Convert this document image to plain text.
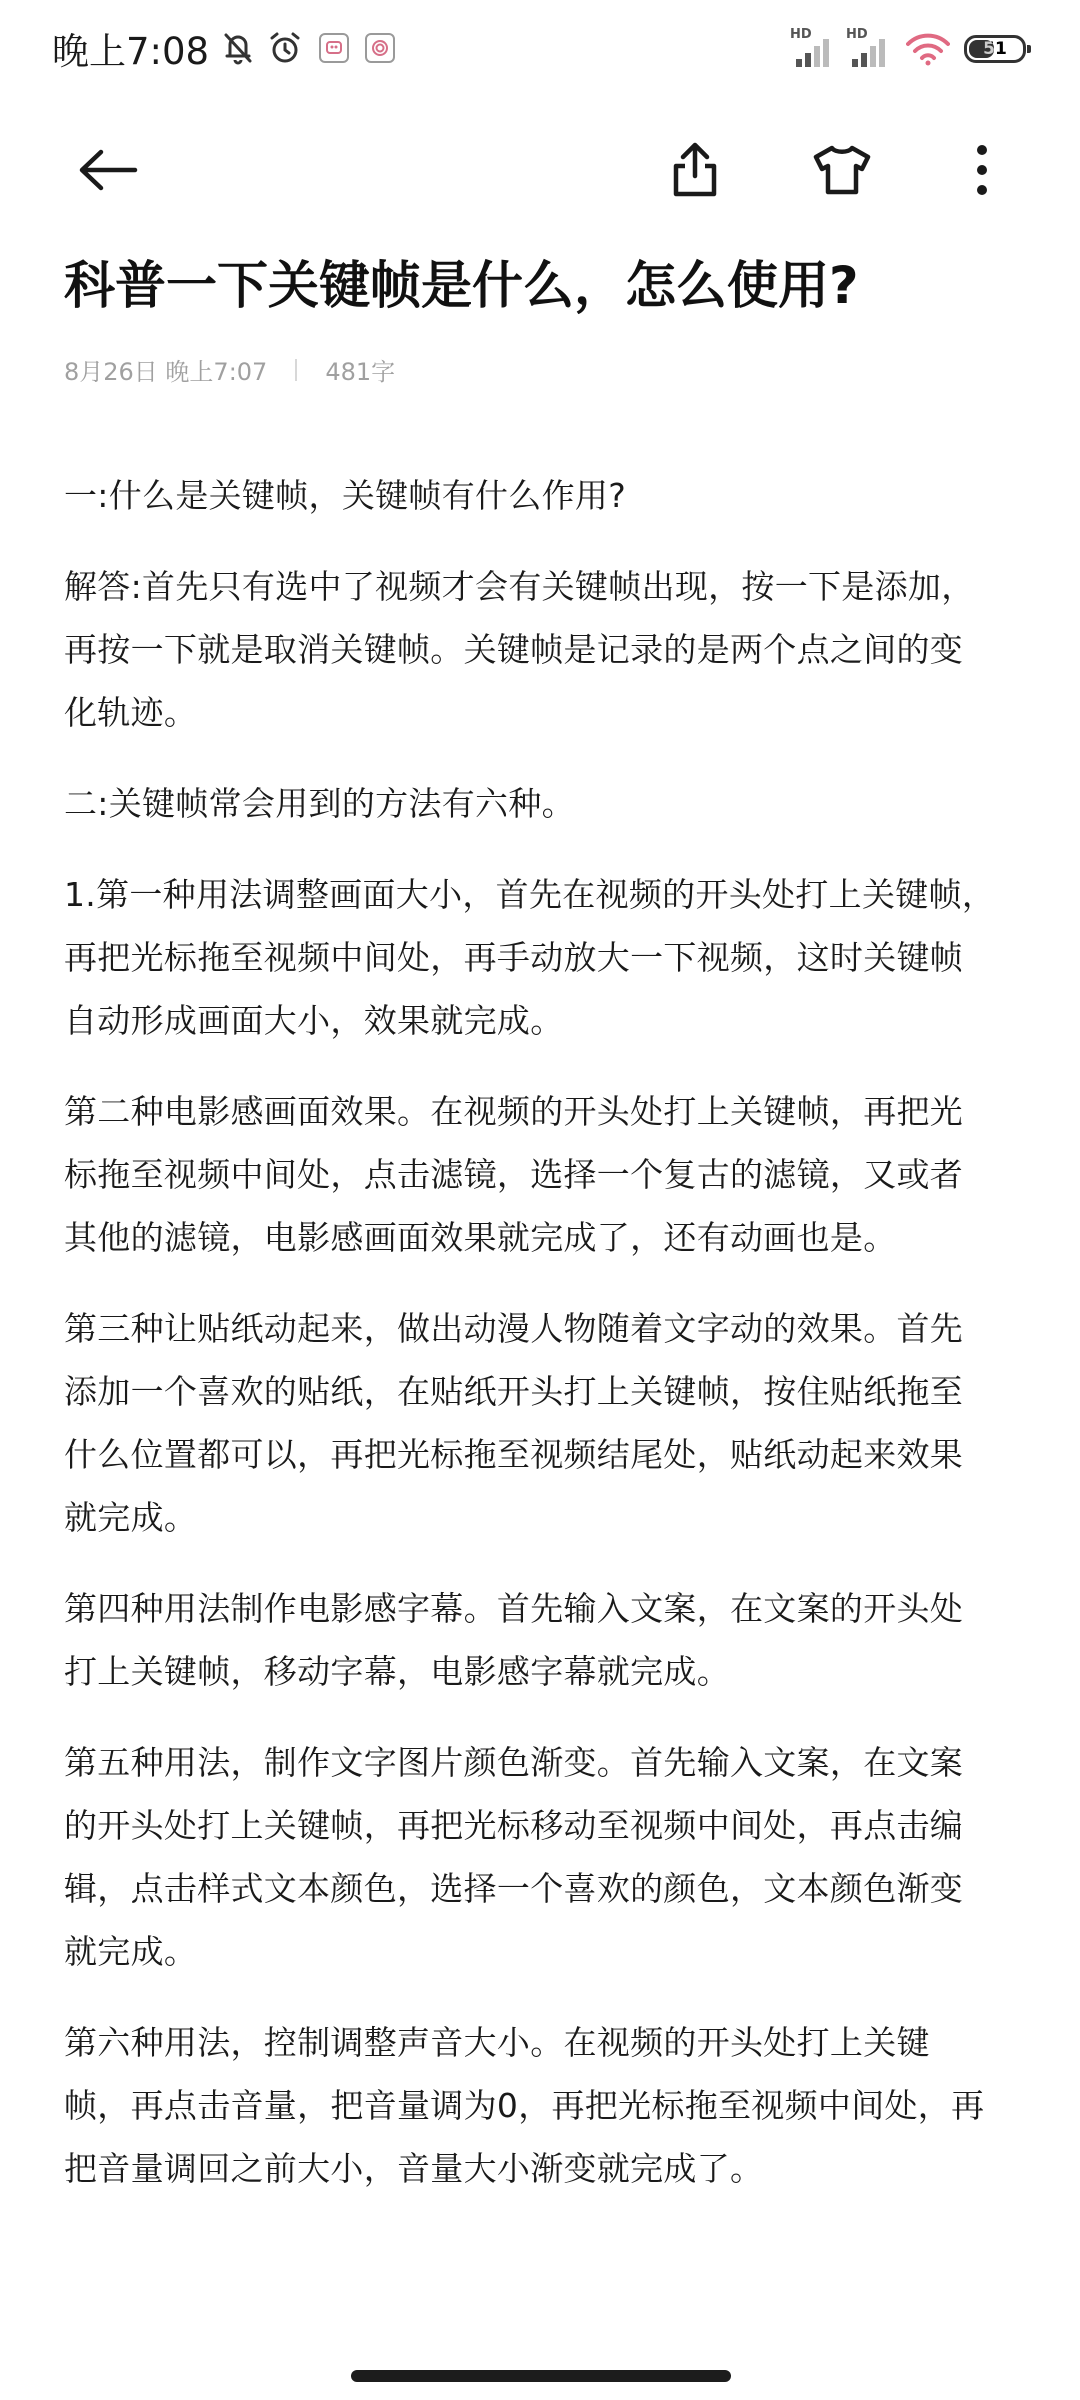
晚上7:08	HD	HD
51
科普一下关键帧是什么，怎么使用?
8月26日 晚上7:07 481字

一:什么是关键帧，关键帧有什么作用?

解答:首先只有选中了视频才会有关键帧出现，按一下是添加，
再按一下就是取消关键帧。关键帧是记录的是两个点之间的变
化轨迹。

二:关键帧常会用到的方法有六种。

1.第一种用法调整画面大小，首先在视频的开头处打上关键帧，
再把光标拖至视频中间处，再手动放大一下视频，这时关键帧
自动形成画面大小，效果就完成。

第二种电影感画面效果。在视频的开头处打上关键帧，再把光
标拖至视频中间处，点击滤镜，选择一个复古的滤镜，又或者
其他的滤镜，电影感画面效果就完成了，还有动画也是。

第三种让贴纸动起来，做出动漫人物随着文字动的效果。首先
添加一个喜欢的贴纸，在贴纸开头打上关键帧，按住贴纸拖至
什么位置都可以，再把光标拖至视频结尾处，贴纸动起来效果
就完成。

第四种用法制作电影感字幕。首先输入文案，在文案的开头处
打上关键帧，移动字幕，电影感字幕就完成。

第五种用法，制作文字图片颜色渐变。首先输入文案，在文案
的开头处打上关键帧，再把光标移动至视频中间处，再点击编
辑，点击样式文本颜色，选择一个喜欢的颜色，文本颜色渐变
就完成。

第六种用法，控制调整声音大小。在视频的开头处打上关键
帧，再点击音量，把音量调为0，再把光标拖至视频中间处，再
把音量调回之前大小，音量大小渐变就完成了。
